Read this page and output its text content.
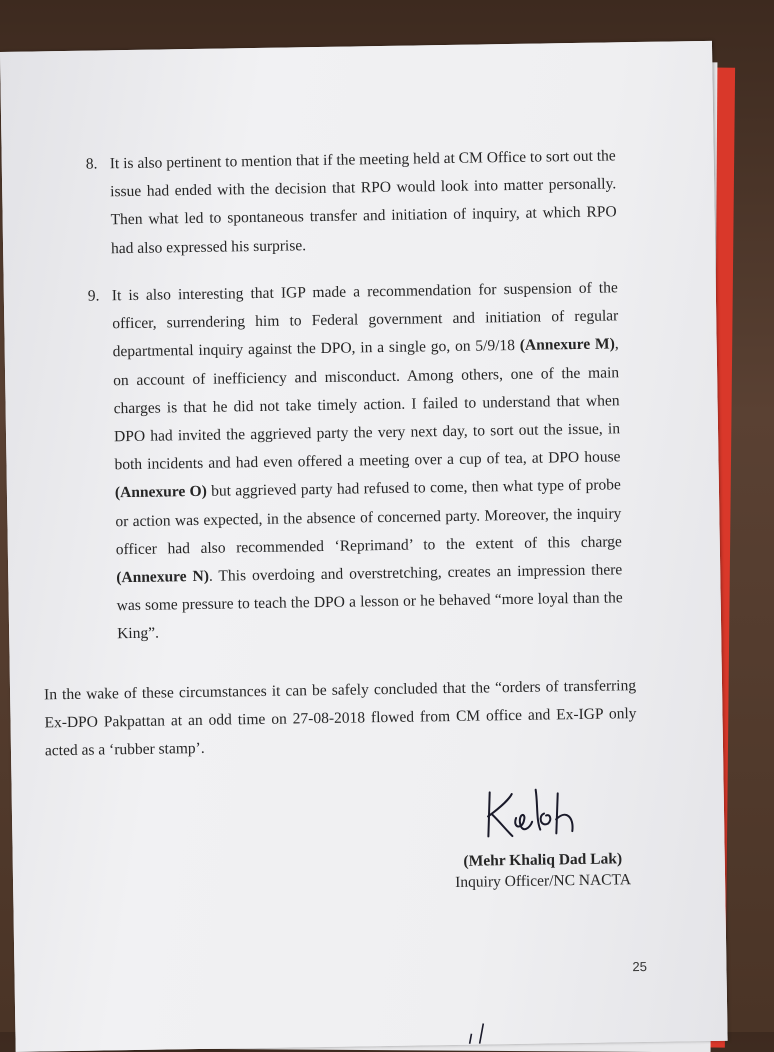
8. It is also pertinent to mention that if the meeting held at CM Office to sort out the issue had ended with the decision that RPO would look into matter personally. Then what led to spontaneous transfer and initiation of inquiry, at which RPO had also expressed his surprise.
9. It is also interesting that IGP made a recommendation for suspension of the officer, surrendering him to Federal government and initiation of regular departmental inquiry against the DPO, in a single go, on 5/9/18 (Annexure M), on account of inefficiency and misconduct. Among others, one of the main charges is that he did not take timely action. I failed to understand that when DPO had invited the aggrieved party the very next day, to sort out the issue, in both incidents and had even offered a meeting over a cup of tea, at DPO house (Annexure O) but aggrieved party had refused to come, then what type of probe or action was expected, in the absence of concerned party. Moreover, the inquiry officer had also recommended ‘Reprimand’ to the extent of this charge (Annexure N). This overdoing and overstretching, creates an impression there was some pressure to teach the DPO a lesson or he behaved “more loyal than the King”.
In the wake of these circumstances it can be safely concluded that the “orders of transferring Ex-DPO Pakpattan at an odd time on 27-08-2018 flowed from CM office and Ex-IGP only acted as a ‘rubber stamp’.
(Mehr Khaliq Dad Lak)
Inquiry Officer/NC NACTA
25
